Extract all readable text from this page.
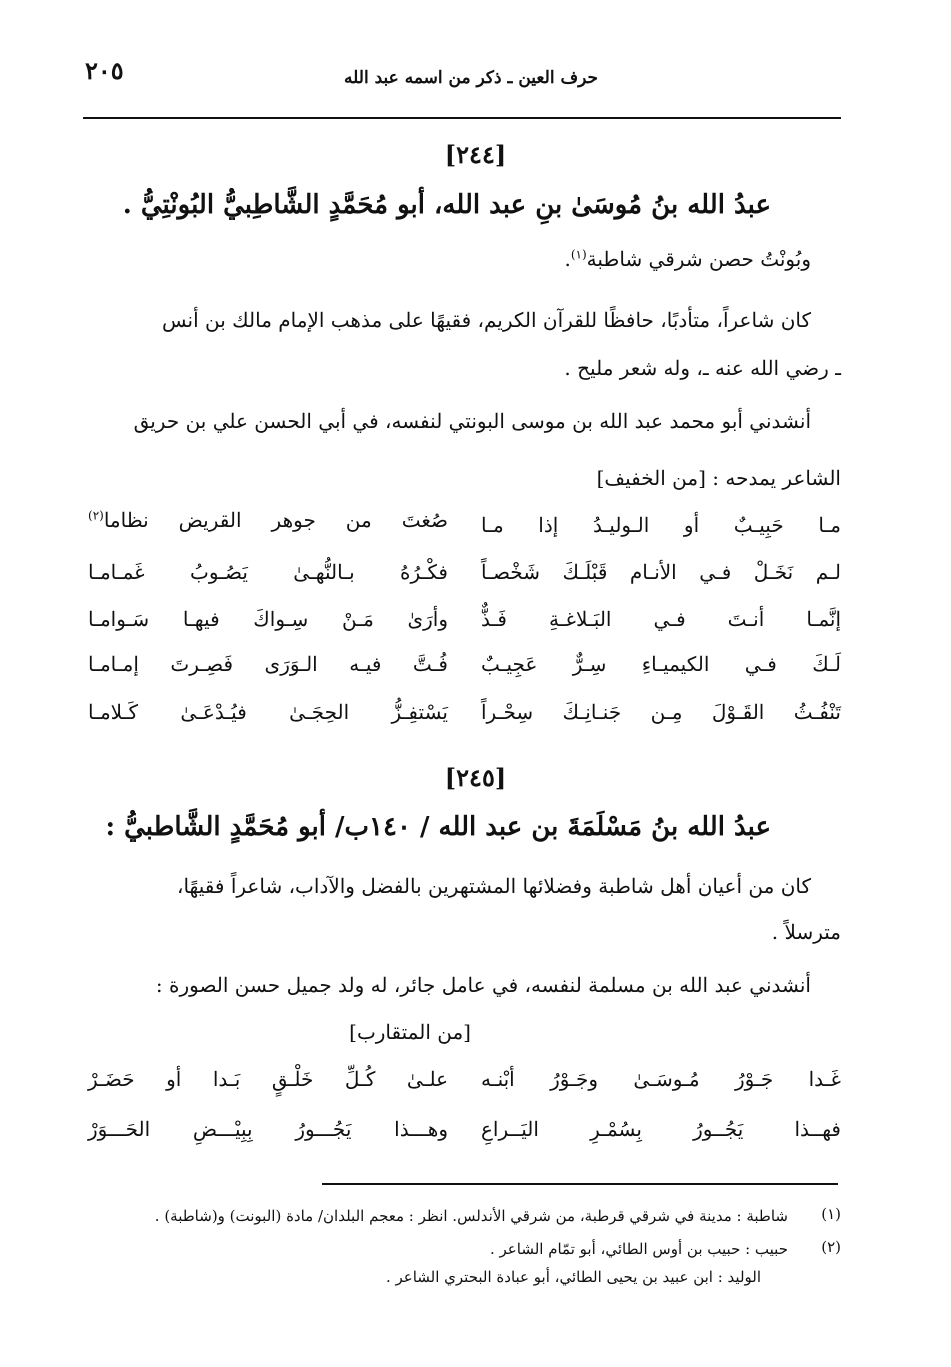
٢٠٥	حرف العين ـ ذكر من اسمه عبد الله
[٢٤٤]
عبدُ الله بنُ مُوسَىٰ بنِ عبد الله، أبو مُحَمَّدٍ الشَّاطِبيُّ البُونْتِيُّ .
وبُونْتُ حصن شرقي شاطبة$^{(١)}$.
كان شاعراً، متأدبًا، حافظًا للقرآن الكريم، فقيهًا على مذهب الإمام مالك بن أنس
ـ رضي الله عنه ـ، وله شعر مليح .
أنشدني أبو محمد عبد الله بن موسى البونتي لنفسه، في أبي الحسن علي بن حريق
الشاعر يمدحه : [من الخفيف]
مـا حَبِيـبٌ أو الـوليـدُ إذا مـا
صُغتَ من جوهر القريض نظاما$^{(٢)}$
لـم نَخَـلْ فـي الأنـام قَبْلَـكَ شَخْصـاً
فكْـرُهُ بـالنُّهـىٰ يَصُـوبُ غَمـامـا
إنَّمـا أنـتَ فـي البَـلاغـةِ فَـذٌّ
وأرَىٰ مَـنْ سِـواكَ فيهـا سَـوامـا
لَـكَ فـي الكيميـاءِ سِـرٌّ عَجِيـبٌ
فُـتَّ فيـه الـوَرَى فَصِـرتَ إمـامـا
تَنْفُـثُ القَـوْلَ مِـن جَنـانِـكَ سِحْـراً
يَسْتفِـزُّ الحِجَـىٰ فيُـدْعَـىٰ كَـلامـا
[٢٤٥]
عبدُ الله بنُ مَسْلَمَةَ بن عبد الله / ١٤٠ب/ أبو مُحَمَّدٍ الشَّاطبيُّ :
كان من أعيان أهل شاطبة وفضلائها المشتهرين بالفضل والآداب، شاعراً فقيهًا،
مترسلاً .
أنشدني عبد الله بن مسلمة لنفسه، في عامل جائر، له ولد جميل حسن الصورة :
[من المتقارب]
غَـدا جَـوْرُ مُـوسَـىٰ وجَـوْرُ أبْنـه
علـىٰ كُـلِّ خَلْـقٍ بَـدا أو حَضَـرْ
فهــذا يَجُــورُ بِسُمْـرِ اليَــراعِ
وهـــذا يَجُـــورُ بِبِيْـــضِ الحَـــوَرْ
(١)
شاطبة : مدينة في شرقي قرطبة، من شرقي الأندلس. انظر : معجم البلدان/ مادة (البونت) و(شاطبة) .
(٢)
حبيب : حبيب بن أوس الطائي، أبو تمّام الشاعر .
الوليد : ابن عبيد بن يحيى الطائي، أبو عبادة البحتري الشاعر .
